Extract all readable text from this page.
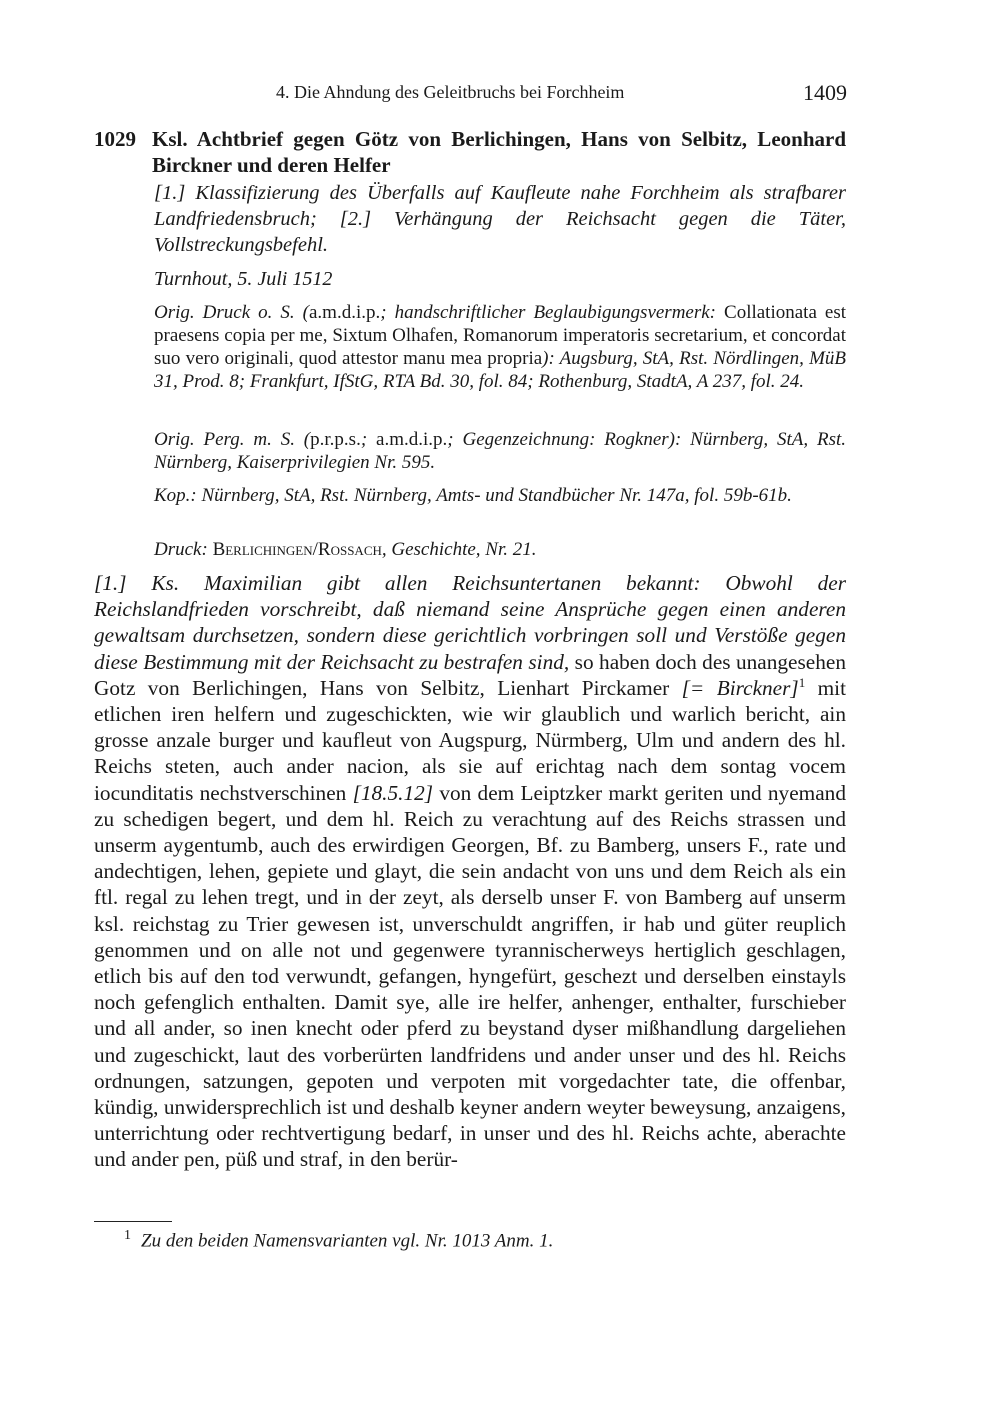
4. Die Ahndung des Geleitbruchs bei Forchheim	1409
1029 Ksl. Achtbrief gegen Götz von Berlichingen, Hans von Selbitz, Leonhard Birckner und deren Helfer
[1.] Klassifizierung des Überfalls auf Kaufleute nahe Forchheim als strafbarer Landfriedensbruch; [2.] Verhängung der Reichsacht gegen die Täter, Vollstreckungsbefehl.
Turnhout, 5. Juli 1512
Orig. Druck o. S. (a.m.d.i.p.; handschriftlicher Beglaubigungsvermerk: Collationata est praesens copia per me, Sixtum Olhafen, Romanorum imperatoris secretarium, et concordat suo vero originali, quod attestor manu mea propria): Augsburg, StA, Rst. Nördlingen, MüB 31, Prod. 8; Frankfurt, IfStG, RTA Bd. 30, fol. 84; Rothenburg, StadtA, A 237, fol. 24.
Orig. Perg. m. S. (p.r.p.s.; a.m.d.i.p.; Gegenzeichnung: Rogkner): Nürnberg, StA, Rst. Nürnberg, Kaiserprivilegien Nr. 595.
Kop.: Nürnberg, StA, Rst. Nürnberg, Amts- und Standbücher Nr. 147a, fol. 59b-61b.
Druck: Berlichingen/Rossach, Geschichte, Nr. 21.

[1.] Ks. Maximilian gibt allen Reichsuntertanen bekannt: Obwohl der Reichslandfrieden vorschreibt, daß niemand seine Ansprüche gegen einen anderen gewaltsam durchsetzen, sondern diese gerichtlich vorbringen soll und Verstöße gegen diese Bestimmung mit der Reichsacht zu bestrafen sind, so haben doch des unangesehen Gotz von Berlichingen, Hans von Selbitz, Lienhart Pirckamer [= Birckner]$^1$ mit etlichen iren helfern und zugeschickten, wie wir glaublich und warlich bericht, ain grosse anzale burger und kaufleut von Augspurg, Nürmberg, Ulm und andern des hl. Reichs steten, auch ander nacion, als sie auf erichtag nach dem sontag vocem iocunditatis nechstverschinen [18.5.12] von dem Leiptzker markt geriten und nyemand zu schedigen begert, und dem hl. Reich zu verachtung auf des Reichs strassen und unserm aygentumb, auch des erwirdigen Georgen, Bf. zu Bamberg, unsers F., rate und andechtigen, lehen, gepiete und glayt, die sein andacht von uns und dem Reich als ein ftl. regal zu lehen tregt, und in der zeyt, als derselb unser F. von Bamberg auf unserm ksl. reichstag zu Trier gewesen ist, unverschuldt angriffen, ir hab und güter reuplich genommen und on alle not und gegenwere tyrannischerweys hertiglich geschlagen, etlich bis auf den tod verwundt, gefangen, hyngefürt, geschezt und derselben einstayls noch gefenglich enthalten. Damit sye, alle ire helfer, anhenger, enthalter, furschieber und all ander, so inen knecht oder pferd zu beystand dyser mißhandlung dargeliehen und zugeschickt, laut des vorberürten landfridens und ander unser und des hl. Reichs ordnungen, satzungen, gepoten und verpoten mit vorgedachter tate, die offenbar, kündig, unwidersprechlich ist und deshalb keyner andern weyter beweysung, anzaigens, unterrichtung oder rechtvertigung bedarf, in unser und des hl. Reichs achte, aberachte und ander pen, püß und straf, in den berür-

$^1$ Zu den beiden Namensvarianten vgl. Nr. 1013 Anm. 1.
